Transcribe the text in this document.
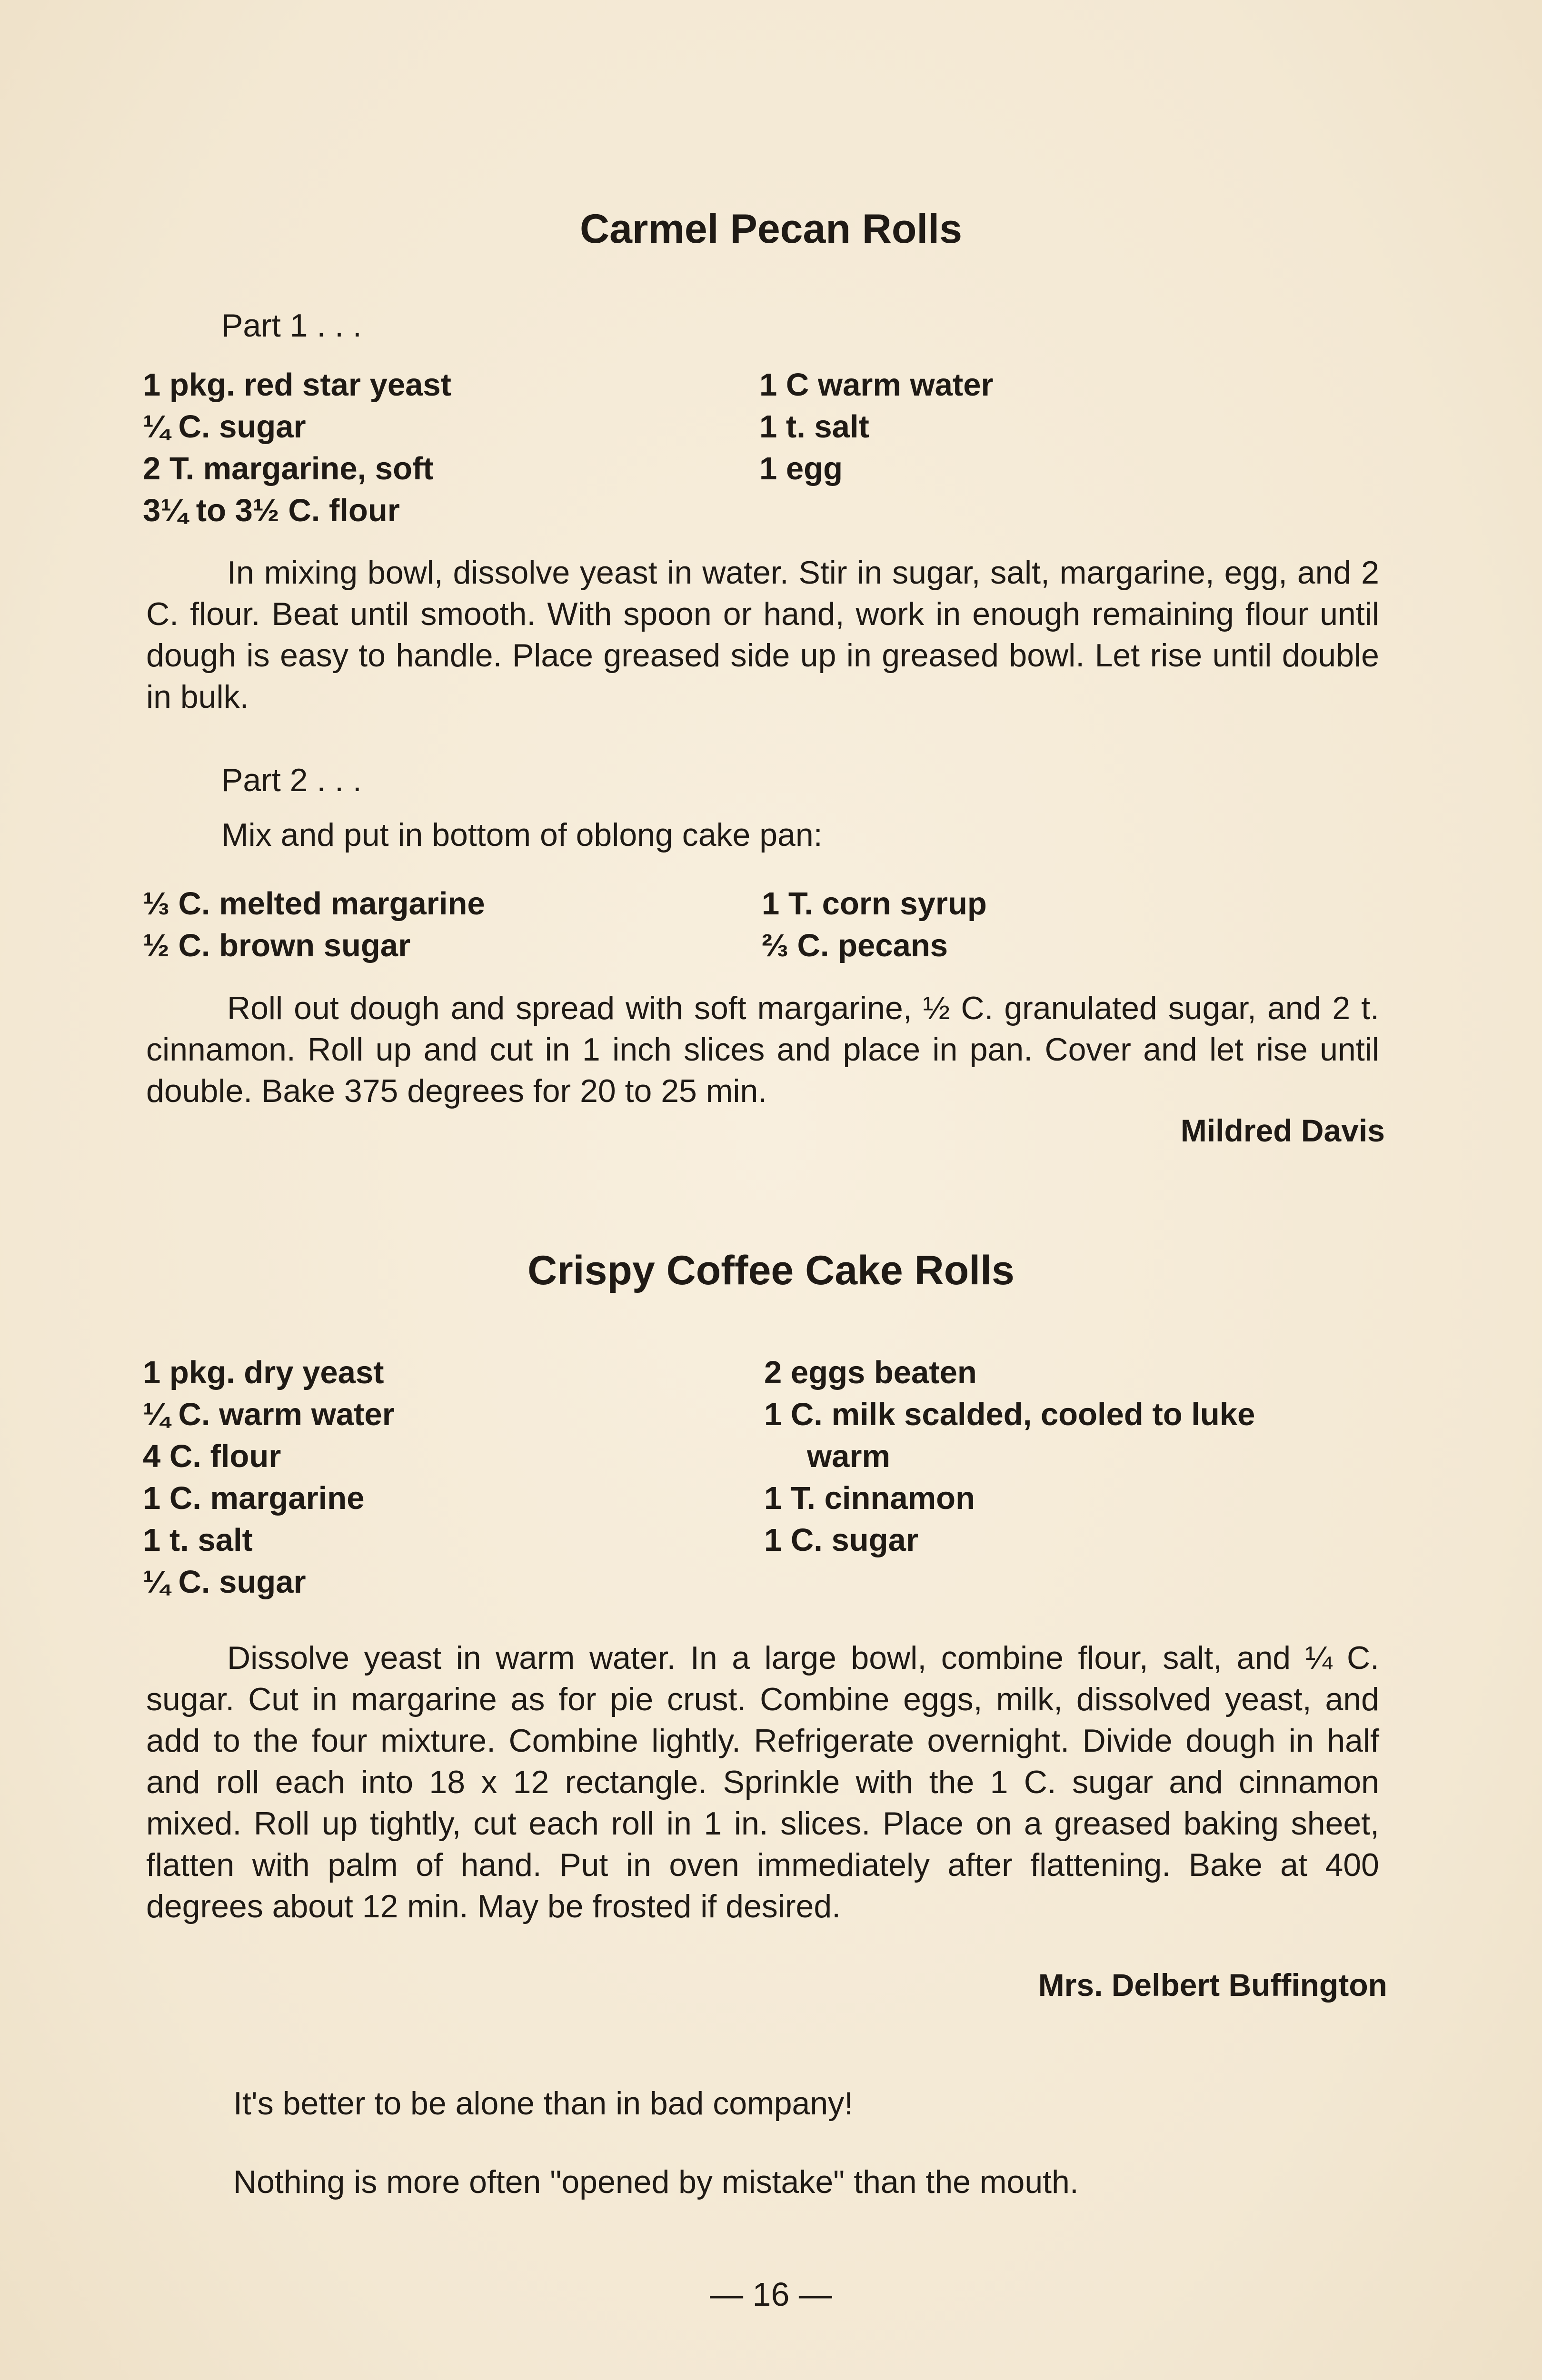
Carmel Pecan Rolls
Part 1 . . .
1 pkg. red star yeast
¼ C. sugar
2 T. margarine, soft
3¼ to 3½ C. flour
1 C warm water
1 t. salt
1 egg

In mixing bowl, dissolve yeast in water. Stir in sugar, salt, margarine, egg, and 2 C. flour. Beat until smooth. With spoon or hand, work in enough remaining flour until dough is easy to handle. Place greased side up in greased bowl. Let rise until double in bulk.

Part 2 . . .
Mix and put in bottom of oblong cake pan:
⅓ C. melted margarine
½ C. brown sugar
1 T. corn syrup
⅔ C. pecans

Roll out dough and spread with soft margarine, ½ C. granulated sugar, and 2 t. cinnamon. Roll up and cut in 1 inch slices and place in pan. Cover and let rise until double. Bake 375 degrees for 20 to 25 min.

Mildred Davis
Crispy Coffee Cake Rolls
1 pkg. dry yeast
¼ C. warm water
4 C. flour
1 C. margarine
1 t. salt
¼ C. sugar
2 eggs beaten
1 C. milk scalded, cooled to luke
warm
1 T. cinnamon
1 C. sugar

Dissolve yeast in warm water. In a large bowl, combine flour, salt, and ¼ C. sugar. Cut in margarine as for pie crust. Combine eggs, milk, dissolved yeast, and add to the four mixture. Combine lightly. Refrigerate overnight. Divide dough in half and roll each into 18 x 12 rectangle. Sprinkle with the 1 C. sugar and cinnamon mixed. Roll up tightly, cut each roll in 1 in. slices. Place on a greased baking sheet, flatten with palm of hand. Put in oven immediately after flattening. Bake at 400 degrees about 12 min. May be frosted if desired.

Mrs. Delbert Buffington
It's better to be alone than in bad company!
Nothing is more often "opened by mistake" than the mouth.
— 16 —
